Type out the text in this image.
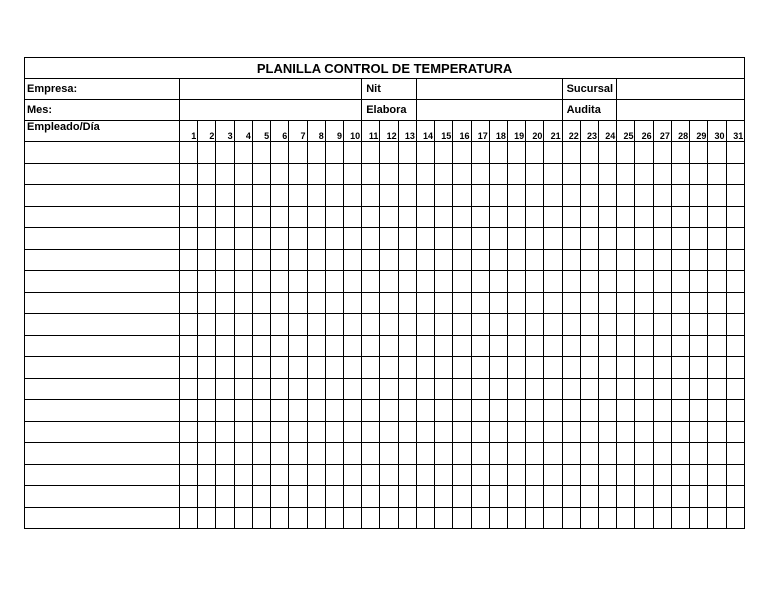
PLANILLA CONTROL DE TEMPERATURA																															
Empresa:											Nit											Sucursal									
Mes:											Elabora											Audita									
Empleado/Día	1	2	3	4	5	6	7	8	9	10	11	12	13	14	15	16	17	18	19	20	21	22	23	24	25	26	27	28	29	30	31
